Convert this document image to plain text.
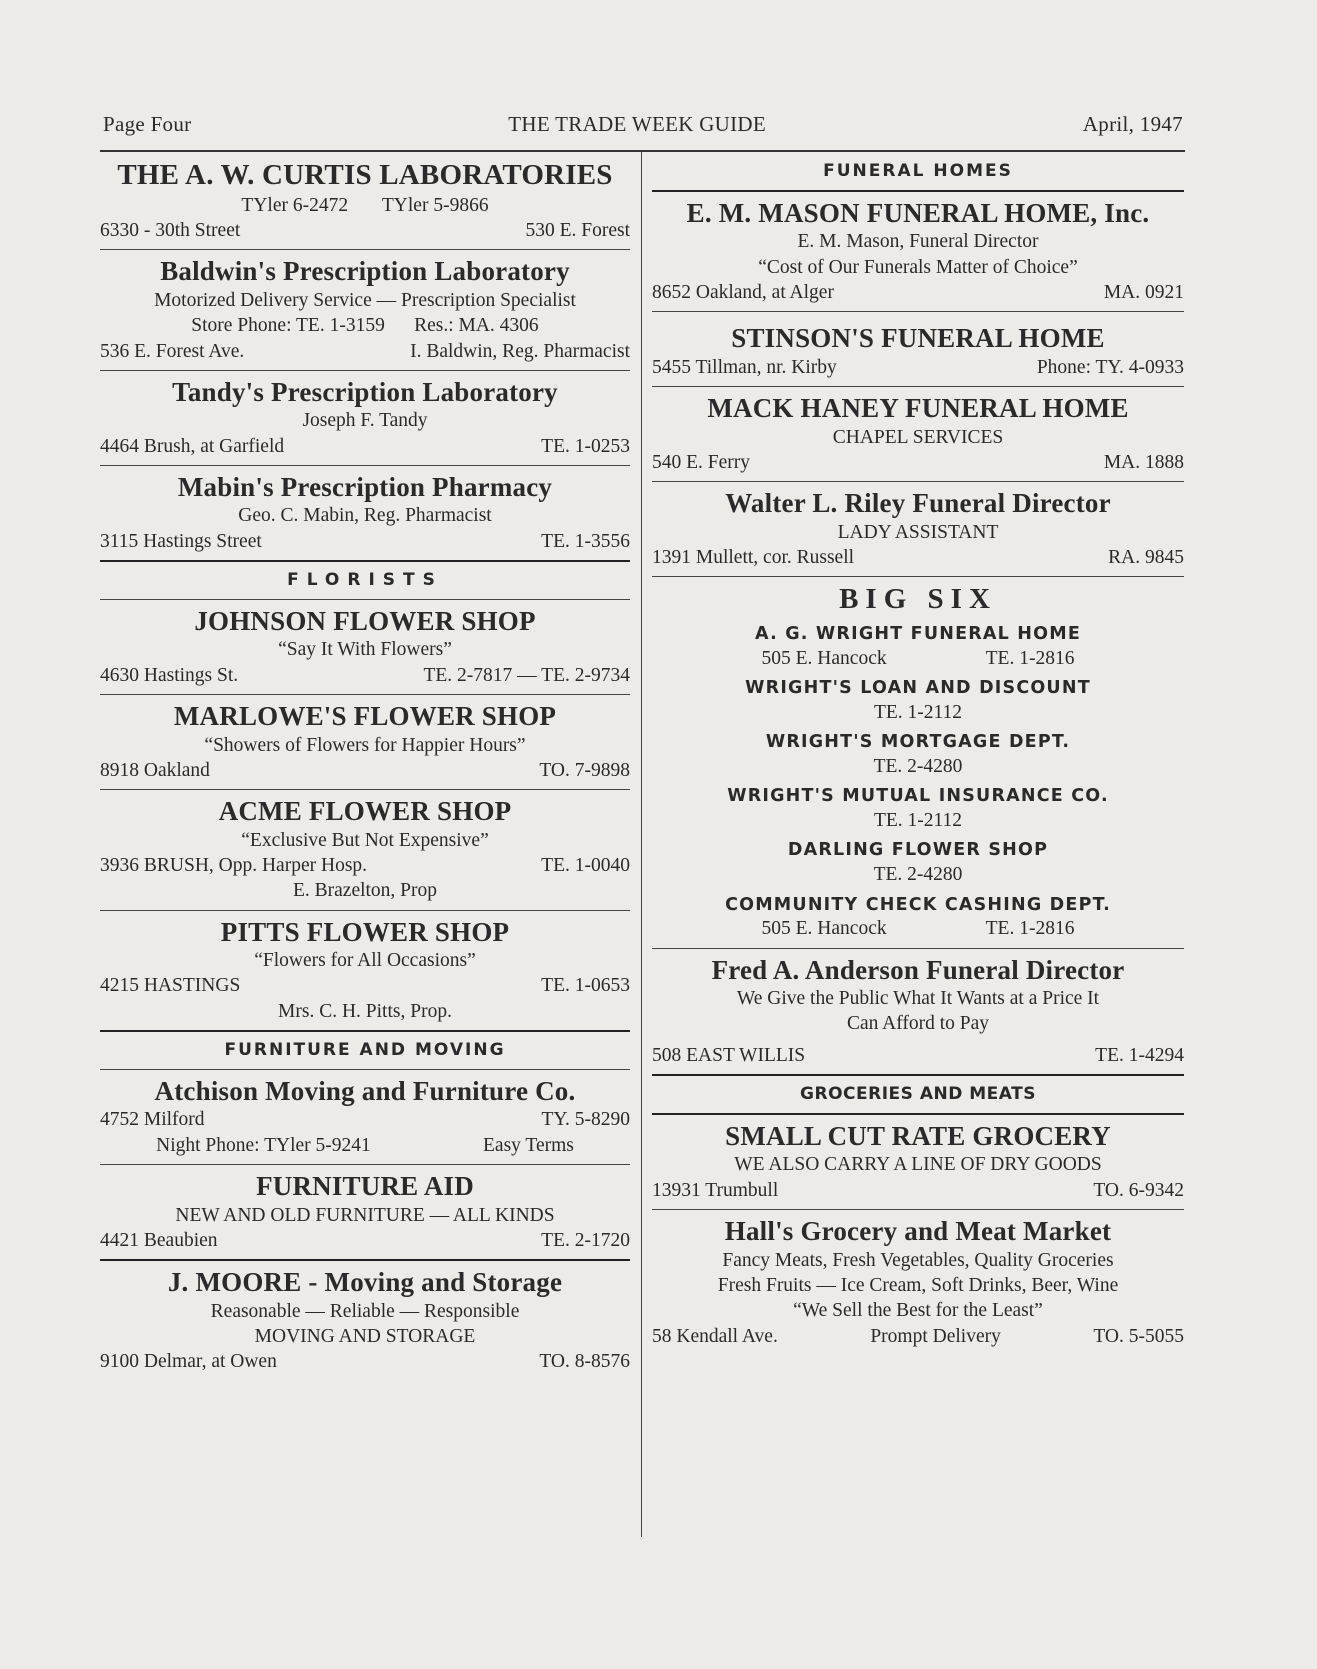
Page Four	THE TRADE WEEK GUIDE	April, 1947
THE A. W. CURTIS LABORATORIES
TYler 6-2472 TYler 5-9866
6330 - 30th Street	530 E. Forest
Baldwin's Prescription Laboratory
Motorized Delivery Service — Prescription Specialist
Store Phone: TE. 1-3159 Res.: MA. 4306
536 E. Forest Ave.	I. Baldwin, Reg. Pharmacist
Tandy's Prescription Laboratory
Joseph F. Tandy
4464 Brush, at Garfield	TE. 1-0253
Mabin's Prescription Pharmacy
Geo. C. Mabin, Reg. Pharmacist
3115 Hastings Street	TE. 1-3556
FLORISTS
JOHNSON FLOWER SHOP
“Say It With Flowers”
4630 Hastings St.	TE. 2-7817 — TE. 2-9734
MARLOWE'S FLOWER SHOP
“Showers of Flowers for Happier Hours”
8918 Oakland	TO. 7-9898
ACME FLOWER SHOP
“Exclusive But Not Expensive”
3936 BRUSH, Opp. Harper Hosp.	TE. 1-0040
E. Brazelton, Prop
PITTS FLOWER SHOP
“Flowers for All Occasions”
4215 HASTINGS	TE. 1-0653
Mrs. C. H. Pitts, Prop.
FURNITURE AND MOVING
Atchison Moving and Furniture Co.
4752 Milford	TY. 5-8290
Night Phone: TYler 5-9241	Easy Terms
FURNITURE AID
NEW AND OLD FURNITURE — ALL KINDS
4421 Beaubien	TE. 2-1720
J. MOORE - Moving and Storage
Reasonable — Reliable — Responsible
MOVING AND STORAGE
9100 Delmar, at Owen	TO. 8-8576
FUNERAL HOMES
E. M. MASON FUNERAL HOME, Inc.
E. M. Mason, Funeral Director
“Cost of Our Funerals Matter of Choice”
8652 Oakland, at Alger	MA. 0921
STINSON'S FUNERAL HOME
5455 Tillman, nr. Kirby	Phone: TY. 4-0933
MACK HANEY FUNERAL HOME
CHAPEL SERVICES
540 E. Ferry	MA. 1888
Walter L. Riley Funeral Director
LADY ASSISTANT
1391 Mullett, cor. Russell	RA. 9845
BIG SIX
A. G. WRIGHT FUNERAL HOME
505 E. Hancock	TE. 1-2816
WRIGHT'S LOAN AND DISCOUNT
TE. 1-2112
WRIGHT'S MORTGAGE DEPT.
TE. 2-4280
WRIGHT'S MUTUAL INSURANCE CO.
TE. 1-2112
DARLING FLOWER SHOP
TE. 2-4280
COMMUNITY CHECK CASHING DEPT.
505 E. Hancock	TE. 1-2816
Fred A. Anderson Funeral Director
We Give the Public What It Wants at a Price It
Can Afford to Pay
508 EAST WILLIS	TE. 1-4294
GROCERIES AND MEATS
SMALL CUT RATE GROCERY
WE ALSO CARRY A LINE OF DRY GOODS
13931 Trumbull	TO. 6-9342
Hall's Grocery and Meat Market
Fancy Meats, Fresh Vegetables, Quality Groceries
Fresh Fruits — Ice Cream, Soft Drinks, Beer, Wine
“We Sell the Best for the Least”
58 Kendall Ave.	Prompt Delivery	TO. 5-5055
